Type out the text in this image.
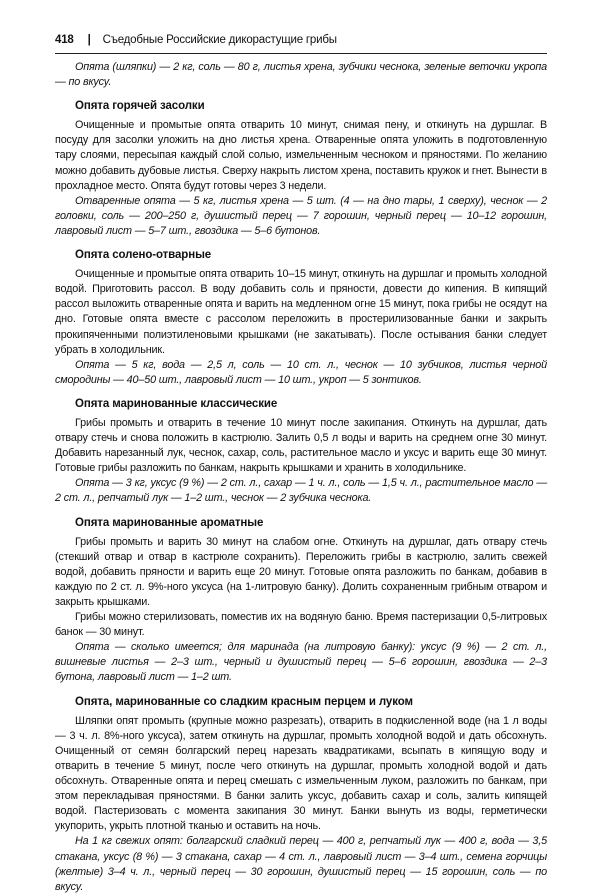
418 | Съедобные Российские дикорастущие грибы

Опята (шляпки) — 2 кг, соль — 80 г, листья хрена, зубчики чеснока, зеленые веточки укропа — по вкусу.

Опята горячей засолки

Очищенные и промытые опята отварить 10 минут, снимая пену, и откинуть на дуршлаг. В посуду для засолки уложить на дно листья хрена. Отваренные опята уложить в подготовленную тару слоями, пересыпая каждый слой солью, измельченным чесноком и пряностями. По желанию можно добавить дубовые листья. Сверху накрыть листом хрена, поставить кружок и гнет. Вынести в прохладное место. Опята будут готовы через 3 недели.

Отваренные опята — 5 кг, листья хрена — 5 шт. (4 — на дно тары, 1 сверху), чеснок — 2 головки, соль — 200–250 г, душистый перец — 7 горошин, черный перец — 10–12 горошин, лавровый лист — 5–7 шт., гвоздика — 5–6 бутонов.

Опята солено-отварные

Очищенные и промытые опята отварить 10–15 минут, откинуть на дуршлаг и промыть холодной водой. Приготовить рассол. В воду добавить соль и пряности, довести до кипения. В кипящий рассол выложить отваренные опята и варить на медленном огне 15 минут, пока грибы не осядут на дно. Готовые опята вместе с рассолом переложить в простерилизованные банки и закрыть прокипяченными полиэтиленовыми крышками (не закатывать). После остывания банки следует убрать в холодильник.

Опята — 5 кг, вода — 2,5 л, соль — 10 ст. л., чеснок — 10 зубчиков, листья черной смородины — 40–50 шт., лавровый лист — 10 шт., укроп — 5 зонтиков.

Опята маринованные классические

Грибы промыть и отварить в течение 10 минут после закипания. Откинуть на дуршлаг, дать отвару стечь и снова положить в кастрюлю. Залить 0,5 л воды и варить на среднем огне 30 минут. Добавить нарезанный лук, чеснок, сахар, соль, растительное масло и уксус и варить еще 30 минут. Готовые грибы разложить по банкам, накрыть крышками и хранить в холодильнике.

Опята — 3 кг, уксус (9 %) — 2 ст. л., сахар — 1 ч. л., соль — 1,5 ч. л., растительное масло — 2 ст. л., репчатый лук — 1–2 шт., чеснок — 2 зубчика чеснока.

Опята маринованные ароматные

Грибы промыть и варить 30 минут на слабом огне. Откинуть на дуршлаг, дать отвару стечь (стекший отвар и отвар в кастрюле сохранить). Переложить грибы в кастрюлю, залить свежей водой, добавить пряности и варить еще 20 минут. Готовые опята разложить по банкам, добавив в каждую по 2 ст. л. 9%-ного уксуса (на 1-литровую банку). Долить сохраненным грибным отваром и закрыть крышками.

Грибы можно стерилизовать, поместив их на водяную баню. Время пастеризации 0,5-литровых банок — 30 минут.

Опята — сколько имеется; для маринада (на литровую банку): уксус (9 %) — 2 ст. л., вишневые листья — 2–3 шт., черный и душистый перец — 5–6 горошин, гвоздика — 2–3 бутона, лавровый лист — 1–2 шт.

Опята, маринованные со сладким красным перцем и луком

Шляпки опят промыть (крупные можно разрезать), отварить в подкисленной воде (на 1 л воды — 3 ч. л. 8%-ного уксуса), затем откинуть на дуршлаг, промыть холодной водой и дать обсохнуть. Очищенный от семян болгарский перец нарезать квадратиками, всыпать в кипящую воду и отварить в течение 5 минут, после чего откинуть на дуршлаг, промыть холодной водой и дать обсохнуть. Отваренные опята и перец смешать с измельченным луком, разложить по банкам, при этом перекладывая пряностями. В банки залить уксус, добавить сахар и соль, залить кипящей водой. Пастеризовать с момента закипания 30 минут. Банки вынуть из воды, герметически укупорить, укрыть плотной тканью и оставить на ночь.

На 1 кг свежих опят: болгарский сладкий перец — 400 г, репчатый лук — 400 г, вода — 3,5 стакана, уксус (8 %) — 3 стакана, сахар — 4 ст. л., лавровый лист — 3–4 шт., семена горчицы (желтые) 3–4 ч. л., черный перец — 30 горошин, душистый перец — 15 горошин, соль — по вкусу.
